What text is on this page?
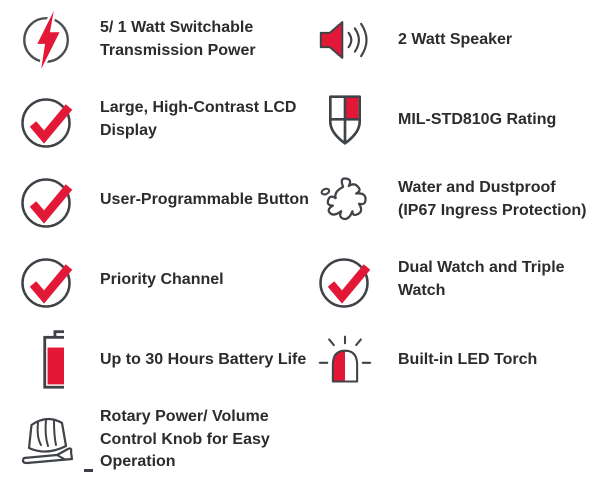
5/ 1 Watt Switchable Transmission Power
Large, High-Contrast LCD Display
User-Programmable Button
Priority Channel
Up to 30 Hours Battery Life
Rotary Power/ Volume Control Knob for Easy Operation
2 Watt Speaker
MIL-STD810G Rating
Water and Dustproof (IP67 Ingress Protection)
Dual Watch and Triple Watch
Built-in LED Torch
